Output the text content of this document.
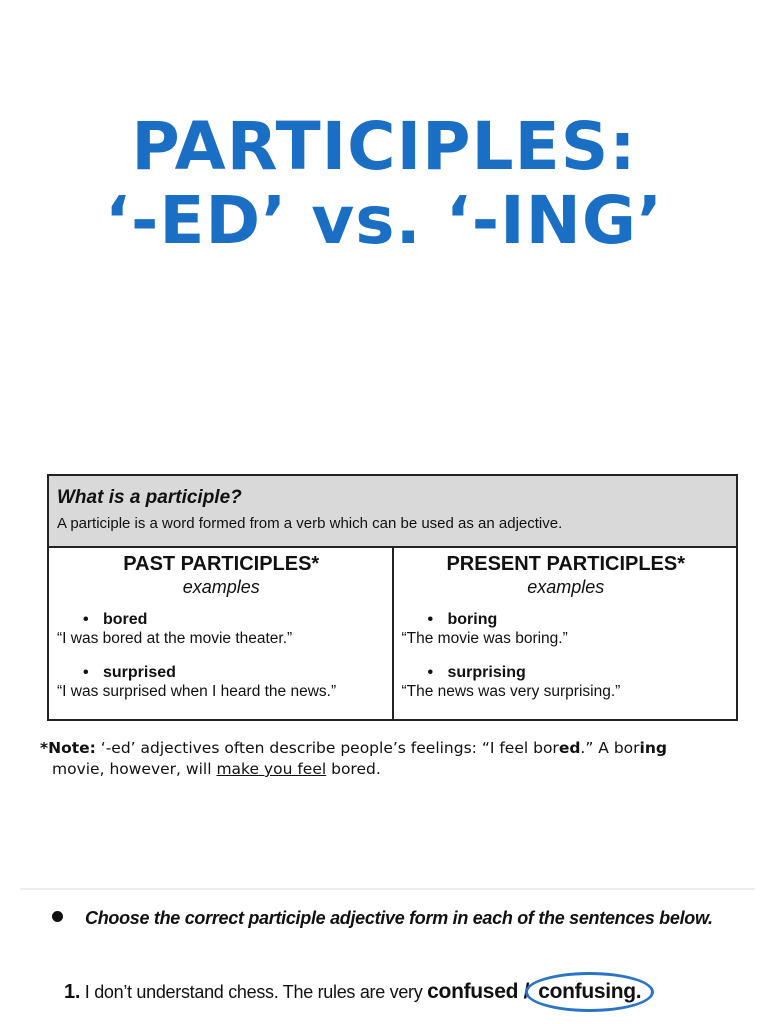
PARTICIPLES:
‘-ED’ vs. ‘-ING’
What is a participle?
A participle is a word formed from a verb which can be used as an adjective.
PAST PARTICIPLES*
examples
• bored
“I was bored at the movie theater.”
• surprised
“I was surprised when I heard the news.”
PRESENT PARTICIPLES*
examples
• boring
“The movie was boring.”
• surprising
“The news was very surprising.”
*Note: ‘-ed’ adjectives often describe people’s feelings: “I feel bored.” A boring
movie, however, will make you feel bored.
Choose the correct participle adjective form in each of the sentences below.
1. I don’t understand chess. The rules are very confused / confusing.
